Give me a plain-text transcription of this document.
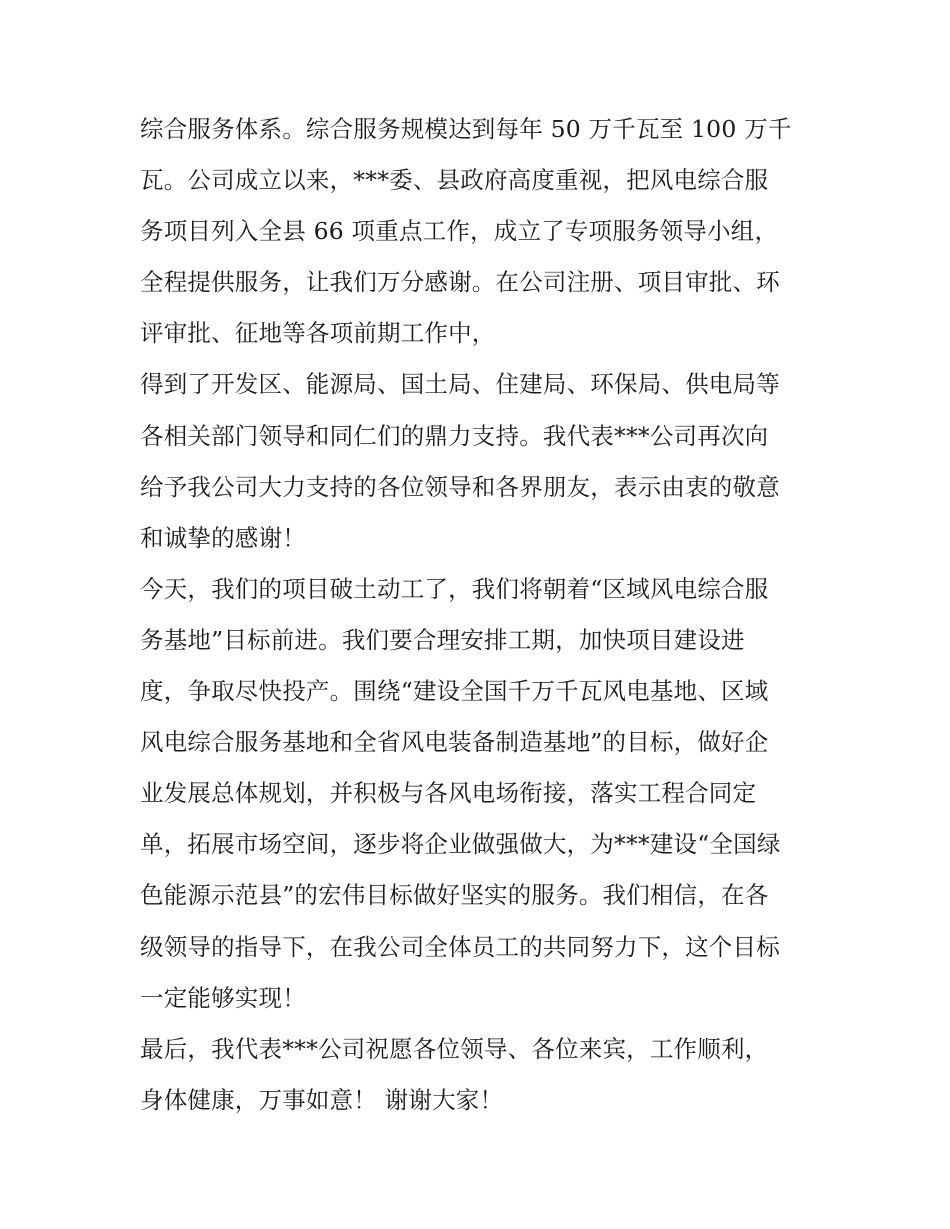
综合服务体系。综合服务规模达到每年 50 万千瓦至 100 万千
瓦。公司成立以来，***委、县政府高度重视，把风电综合服
务项目列入全县 66 项重点工作，成立了专项服务领导小组，
全程提供服务，让我们万分感谢。在公司注册、项目审批、环
评审批、征地等各项前期工作中，
得到了开发区、能源局、国土局、住建局、环保局、供电局等
各相关部门领导和同仁们的鼎力支持。我代表***公司再次向
给予我公司大力支持的各位领导和各界朋友，表示由衷的敬意
和诚挚的感谢！
今天，我们的项目破土动工了，我们将朝着“区域风电综合服
务基地”目标前进。我们要合理安排工期，加快项目建设进
度，争取尽快投产。围绕“建设全国千万千瓦风电基地、区域
风电综合服务基地和全省风电装备制造基地”的目标，做好企
业发展总体规划，并积极与各风电场衔接，落实工程合同定
单，拓展市场空间，逐步将企业做强做大，为***建设“全国绿
色能源示范县”的宏伟目标做好坚实的服务。我们相信，在各
级领导的指导下，在我公司全体员工的共同努力下，这个目标
一定能够实现！
最后，我代表***公司祝愿各位领导、各位来宾，工作顺利，
身体健康，万事如意！ 谢谢大家！
